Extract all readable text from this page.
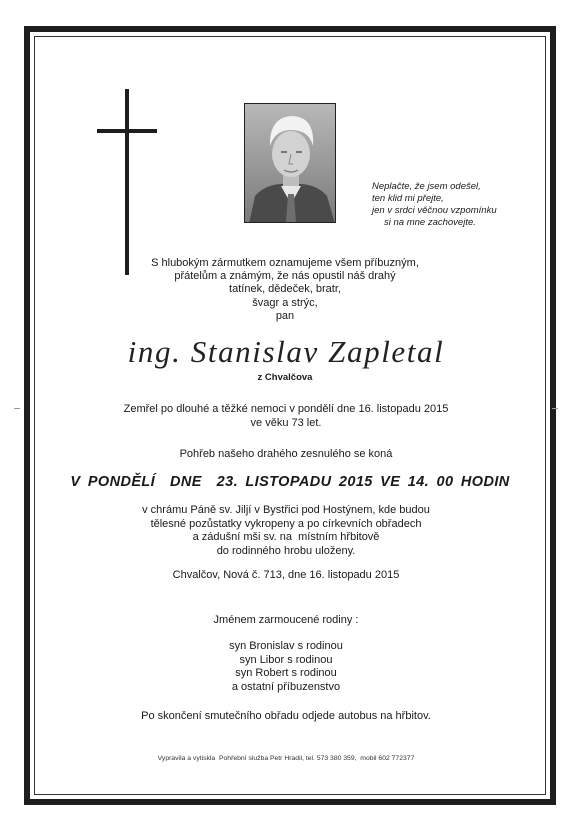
Neplačte, že jsem odešel,
ten klid mi přejte,
jen v srdci věčnou vzpomínku
si na mne zachovejte.
S hlubokým zármutkem oznamujeme všem příbuzným,
přátelům a známým, že nás opustil náš drahý
tatínek, dědeček, bratr,
švagr a strýc,
pan
ing. Stanislav Zapletal
z Chvalčova
Zemřel po dlouhé a těžké nemoci v pondělí dne 16. listopadu 2015
ve věku 73 let.
Pohřeb našeho drahého zesnulého se koná
V PONDĚLÍ  DNE  23. LISTOPADU 2015 VE 14. 00 HODIN
v chrámu Páně sv. Jiljí v Bystřici pod Hostýnem, kde budou
tělesné pozůstatky vykropeny a po církevních obřadech
a zádušní mši sv. na  místním hřbitově
do rodinného hrobu uloženy.
Chvalčov, Nová č. 713, dne 16. listopadu 2015
Jménem zarmoucené rodiny :
syn Bronislav s rodinou
syn Libor s rodinou
syn Robert s rodinou
a ostatní příbuzenstvo
Po skončení smutečního obřadu odjede autobus na hřbitov.
Vypravila a vytiskla  Pohřební služba Petr Hradil, tel. 573 380 359,  mobil 602 772377
